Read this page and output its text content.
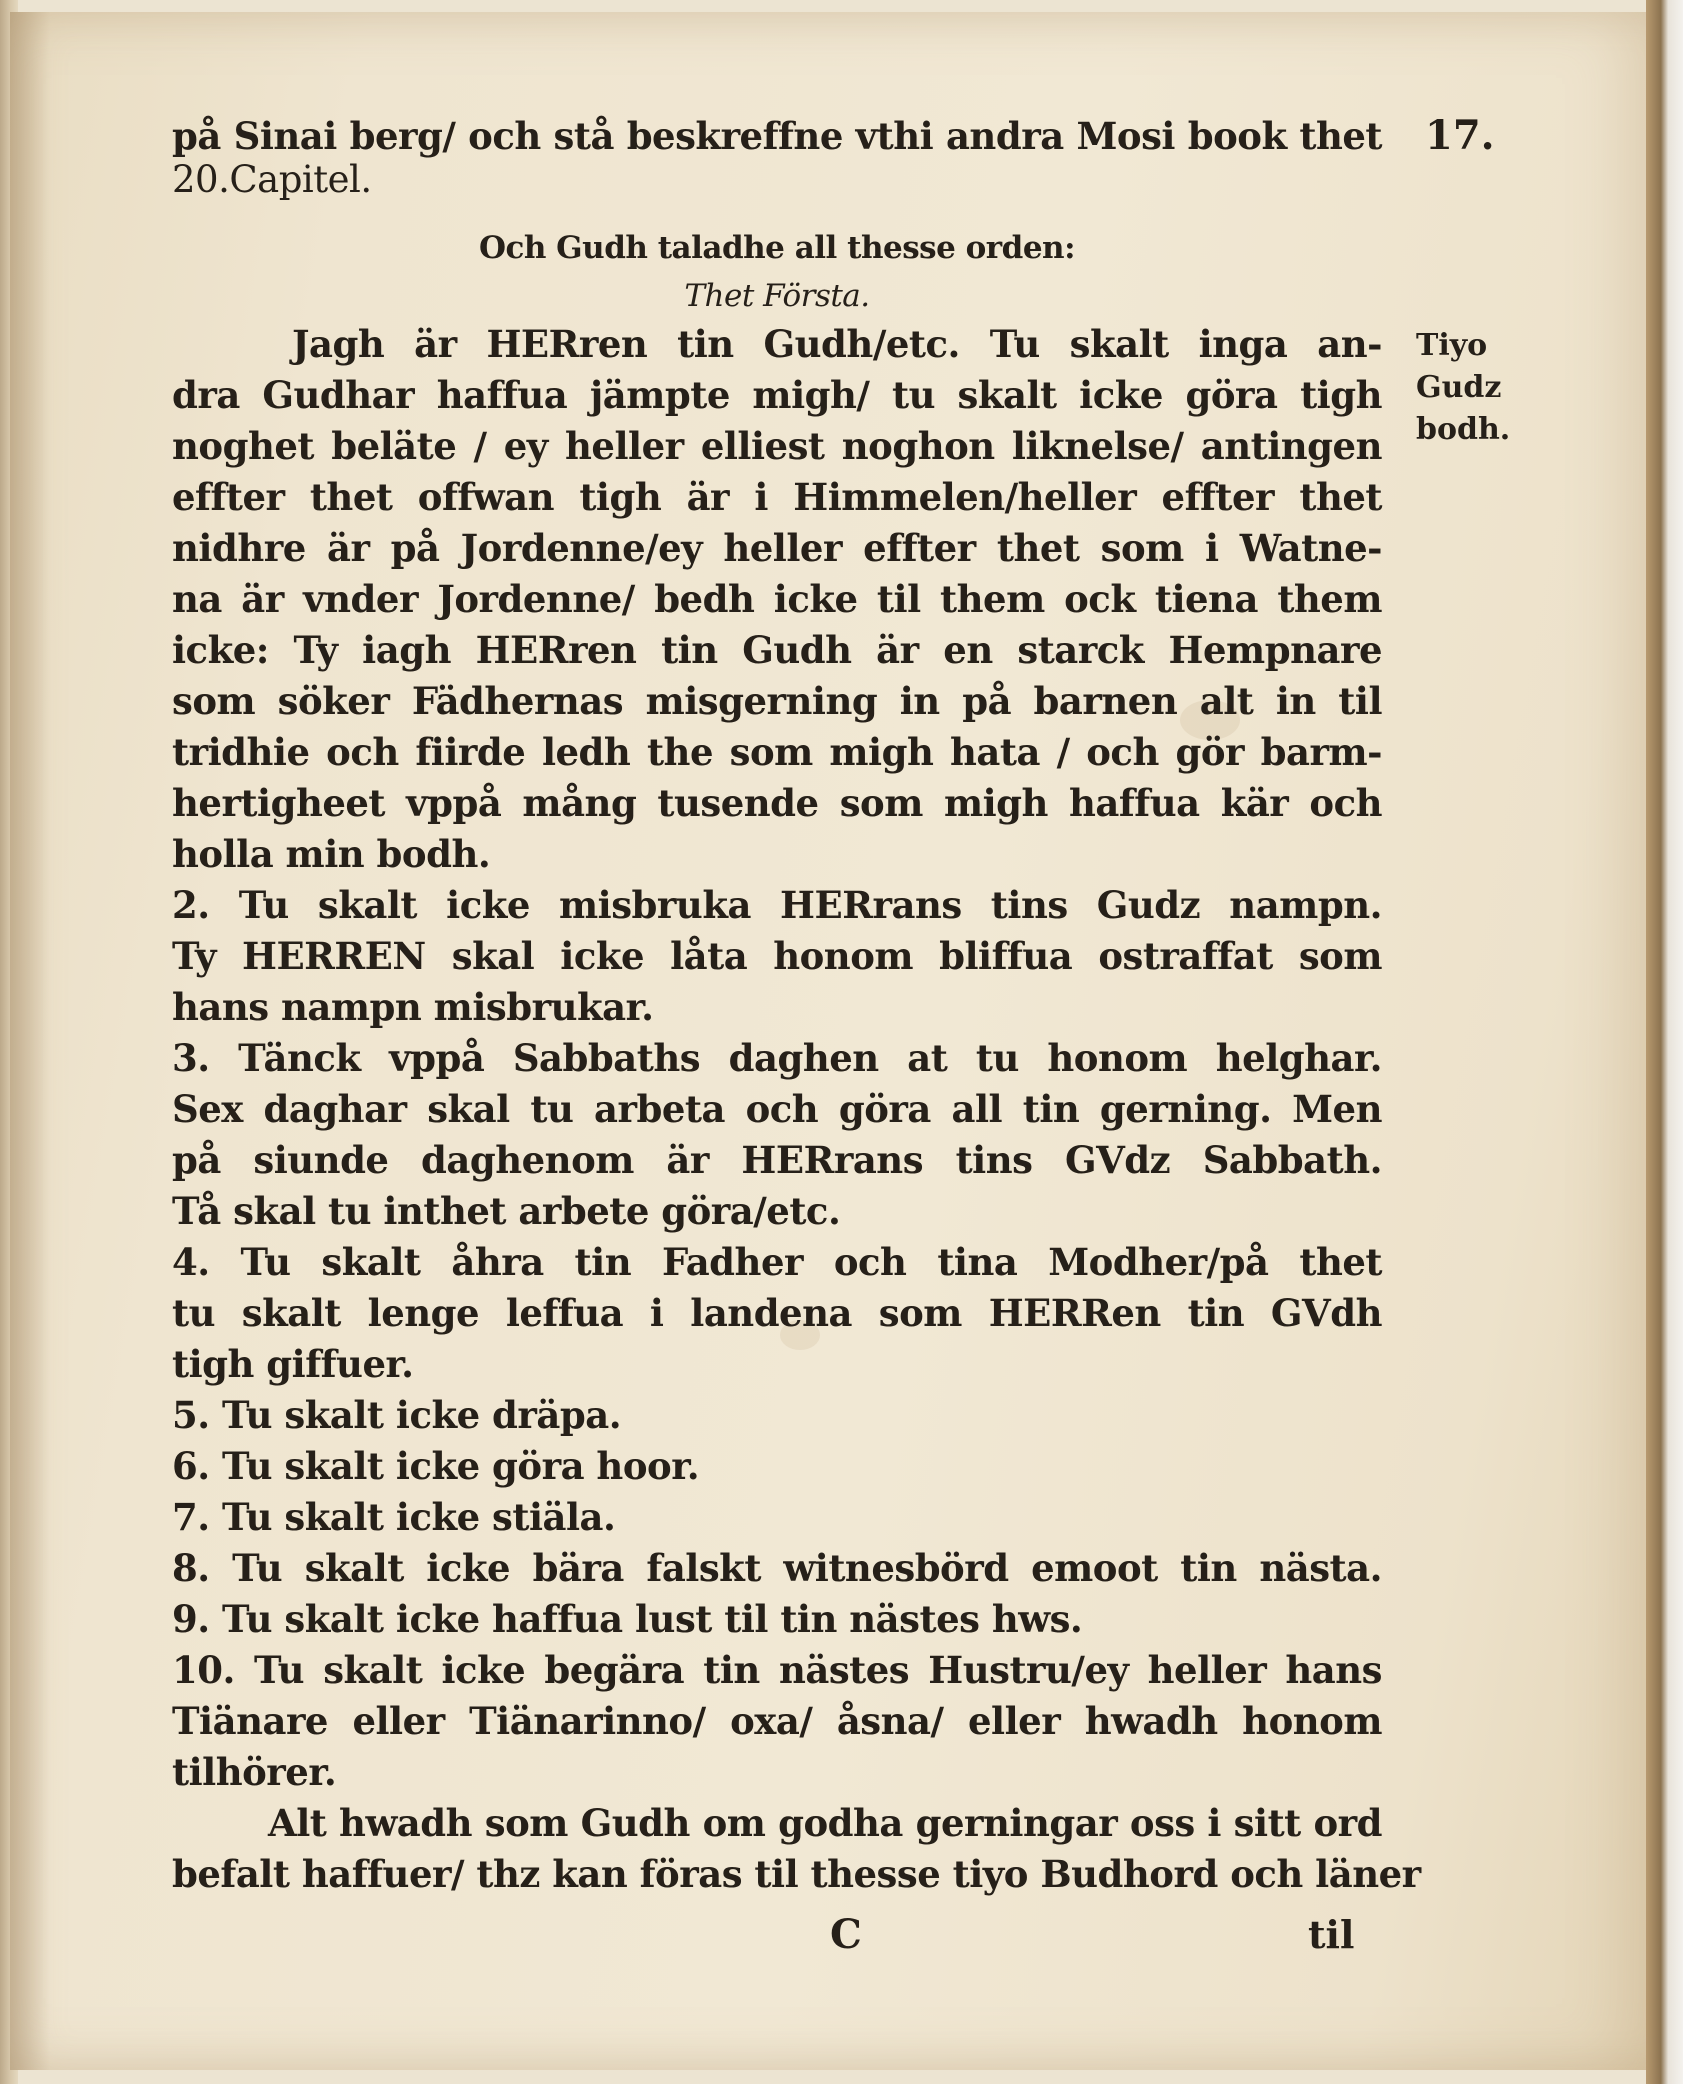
17.
på Sinai berg/ och stå beskreffne vthi andra Mosi book thet
20.Capitel.
Och Gudh taladhe all thesse orden:
Thet Första.
Jagh är HERren tin Gudh/etc. Tu skalt inga an-
dra Gudhar haffua jämpte migh/ tu skalt icke göra tigh
noghet beläte / ey heller elliest noghon liknelse/ antingen
effter thet offwan tigh är i Himmelen/heller effter thet
nidhre är på Jordenne/ey heller effter thet som i Watne-
na är vnder Jordenne/ bedh icke til them ock tiena them
icke: Ty iagh HERren tin Gudh är en starck Hempnare
som söker Fädhernas misgerning in på barnen alt in til
tridhie och fiirde ledh the som migh hata / och gör barm-
hertigheet vppå mång tusende som migh haffua kär och
holla min bodh.
2. Tu skalt icke misbruka HERrans tins Gudz nampn.
Ty HERREN skal icke låta honom bliffua ostraffat som
hans nampn misbrukar.
3. Tänck vppå Sabbaths daghen at tu honom helghar.
Sex daghar skal tu arbeta och göra all tin gerning. Men
på siunde daghenom är HERrans tins GVdz Sabbath.
Tå skal tu inthet arbete göra/etc.
4. Tu skalt åhra tin Fadher och tina Modher/på thet
tu skalt lenge leffua i landena som HERRen tin GVdh
tigh giffuer.
5. Tu skalt icke dräpa.
6. Tu skalt icke göra hoor.
7. Tu skalt icke stiäla.
8. Tu skalt icke bära falskt witnesbörd emoot tin nästa.
9. Tu skalt icke haffua lust til tin nästes hws.
10. Tu skalt icke begära tin nästes Hustru/ey heller hans
Tiänare eller Tiänarinno/ oxa/ åsna/ eller hwadh honom
tilhörer.
Alt hwadh som Gudh om godha gerningar oss i sitt ord
befalt haffuer/ thz kan föras til thesse tiyo Budhord och läner
Tiyo
Gudz
bodh.
C	til
